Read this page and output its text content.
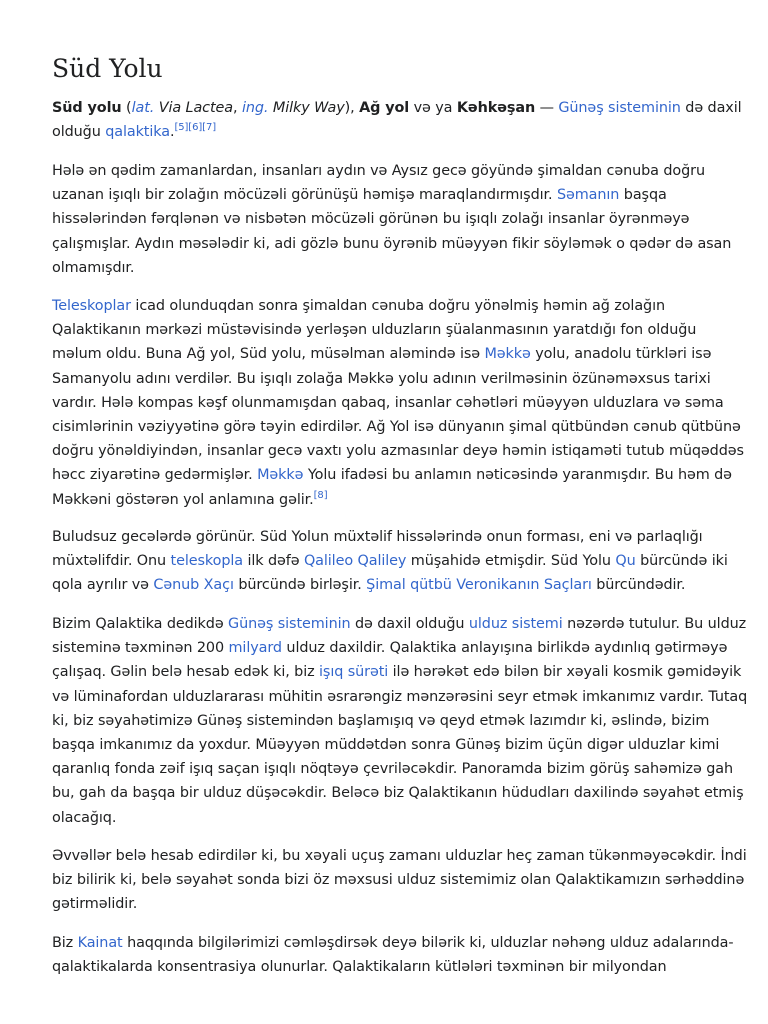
Süd Yolu

Süd yolu (lat. Via Lactea, ing. Milky Way), Ağ yol və ya Kəhkəşan — Günəş sisteminin də daxil
olduğu qalaktika.[5][6][7]

Hələ ən qədim zamanlardan, insanları aydın və Aysız gecə göyündə şimaldan cənuba doğru
uzanan işıqlı bir zolağın möcüzəli görünüşü həmişə maraqlandırmışdır. Səmanın başqa
hissələrindən fərqlənən və nisbətən möcüzəli görünən bu işıqlı zolağı insanlar öyrənməyə
çalışmışlar. Aydın məsələdir ki, adi gözlə bunu öyrənib müəyyən fikir söyləmək o qədər də asan
olmamışdır.

Teleskoplar icad olunduqdan sonra şimaldan cənuba doğru yönəlmiş həmin ağ zolağın
Qalaktikanın mərkəzi müstəvisində yerləşən ulduzların şüalanmasının yaratdığı fon olduğu
məlum oldu. Buna Ağ yol, Süd yolu, müsəlman aləmində isə Məkkə yolu, anadolu türkləri isə
Samanyolu adını verdilər. Bu işıqlı zolağa Məkkə yolu adının verilməsinin özünəməxsus tarixi
vardır. Hələ kompas kəşf olunmamışdan qabaq, insanlar cəhətləri müəyyən ulduzlara və səma
cisimlərinin vəziyyətinə görə təyin edirdilər. Ağ Yol isə dünyanın şimal qütbündən cənub qütbünə
doğru yönəldiyindən, insanlar gecə vaxtı yolu azmasınlar deyə həmin istiqaməti tutub müqəddəs
həcc ziyarətinə gedərmişlər. Məkkə Yolu ifadəsi bu anlamın nəticəsində yaranmışdır. Bu həm də
Məkkəni göstərən yol anlamına gəlir.[8]

Buludsuz gecələrdə görünür. Süd Yolun müxtəlif hissələrində onun forması, eni və parlaqlığı
müxtəlifdir. Onu teleskopla ilk dəfə Qalileo Qaliley müşahidə etmişdir. Süd Yolu Qu bürcündə iki
qola ayrılır və Cənub Xaçı bürcündə birləşir. Şimal qütbü Veronikanın Saçları bürcündədir.

Bizim Qalaktika dedikdə Günəş sisteminin də daxil olduğu ulduz sistemi nəzərdə tutulur. Bu ulduz
sisteminə təxminən 200 milyard ulduz daxildir. Qalaktika anlayışına birlikdə aydınlıq gətirməyə
çalışaq. Gəlin belə hesab edək ki, biz işıq sürəti ilə hərəkət edə bilən bir xəyali kosmik gəmidəyik
və lüminafordan ulduzlararası mühitin əsrarəngiz mənzərəsini seyr etmək imkanımız vardır. Tutaq
ki, biz səyahətimizə Günəş sistemindən başlamışıq və qeyd etmək lazımdır ki, əslində, bizim
başqa imkanımız da yoxdur. Müəyyən müddətdən sonra Günəş bizim üçün digər ulduzlar kimi
qaranlıq fonda zəif işıq saçan işıqlı nöqtəyə çevriləcəkdir. Panoramda bizim görüş sahəmizə gah
bu, gah da başqa bir ulduz düşəcəkdir. Beləcə biz Qalaktikanın hüdudları daxilində səyahət etmiş
olacağıq.

Əvvəllər belə hesab edirdilər ki, bu xəyali uçuş zamanı ulduzlar heç zaman tükənməyəcəkdir. İndi
biz bilirik ki, belə səyahət sonda bizi öz məxsusi ulduz sistemimiz olan Qalaktikamızın sərhəddinə
gətirməlidir.

Biz Kainat haqqında bilgilərimizi cəmləşdirsək deyə bilərik ki, ulduzlar nəhəng ulduz adalarında-
qalaktikalarda konsentrasiya olunurlar. Qalaktikaların kütlələri təxminən bir milyondan
